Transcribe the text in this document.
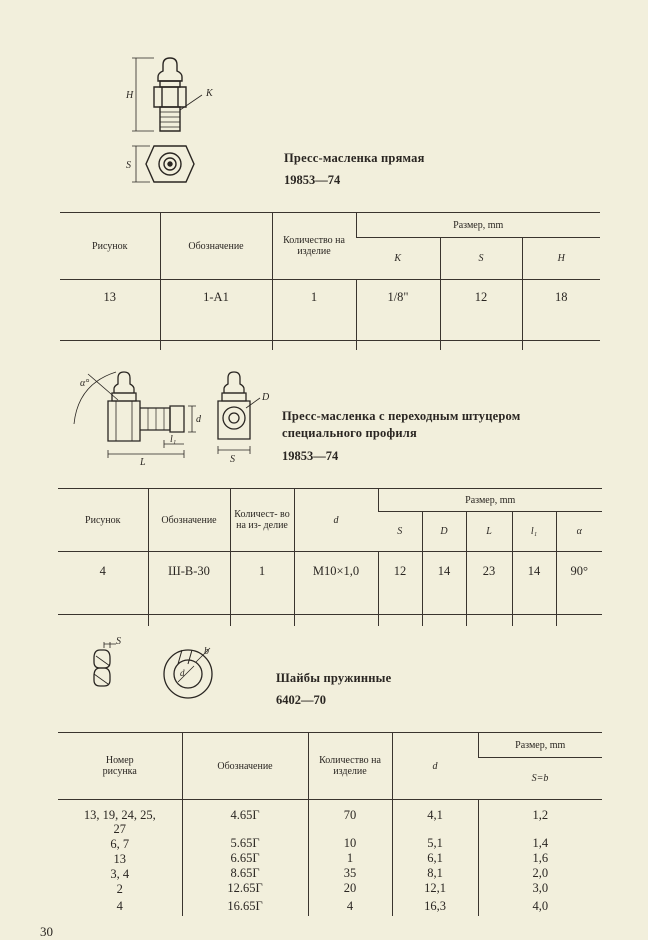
H	K
S
Пресс-масленка прямая
19853—74
Рисунок	Обозначение	Количество на изделие	Размер, mm		
			K	S	H
13	1-A1	1	1/8"	12	18
α°
D
d
L
l₁
S
Пресс-масленка с переходным штуцером
специального профиля
19853—74
Рисунок	Обозначение	Количест- во на из- делие	d	Размер, mm				
				S	D	L	l₁	α
4	Ш-В-30	1	M10×1,0	12	14	23	14	90°
S
b
d	Шайбы пружинные
6402—70
Номер рисунка	Обозначение	Количество на изделие	d	Размер, mm
				S=b

13, 19, 24, 25, 27	4.65Г	70	4,1	1,2
6, 7	5.65Г	10	5,1	1,4
13	6.65Г	1	6,1	1,6
3, 4	8.65Г	35	8,1	2,0
2	12.65Г	20	12,1	3,0
4	16.65Г	4	16,3	4,0
30
